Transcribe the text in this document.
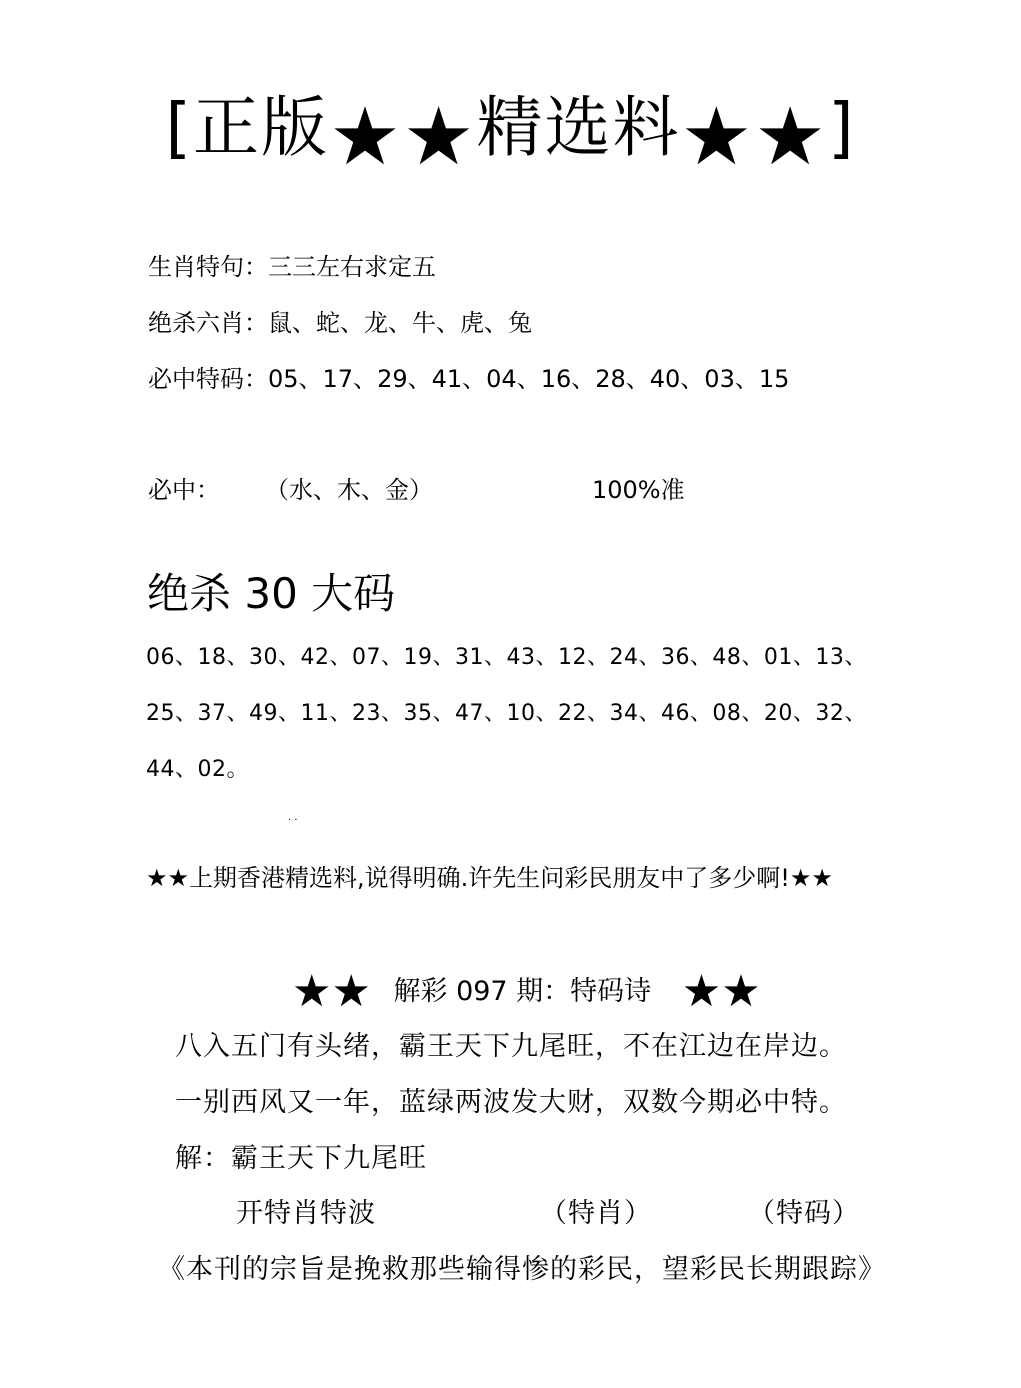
[正版★★精选料★★]
生肖特句：三三左右求定五
绝杀六肖：鼠、蛇、龙、牛、虎、兔
必中特码：05、17、29、41、04、16、28、40、03、15
必中： （水、木、金）	100%准
绝杀 30 大码
06、18、30、42、07、19、31、43、12、24、36、48、01、13、
25、37、49、11、23、35、47、10、22、34、46、08、20、32、
44、02。
. .
★★上期香港精选料,说得明确.许先生问彩民朋友中了多少啊!★★
★★ 解彩 097 期：特码诗 ★★
八入五门有头绪，霸王天下九尾旺，不在江边在岸边。
一别西风又一年，蓝绿两波发大财，双数今期必中特。
解：霸王天下九尾旺
开特肖特波	（特肖）	（特码）
《本刊的宗旨是挽救那些输得惨的彩民，望彩民长期跟踪》
